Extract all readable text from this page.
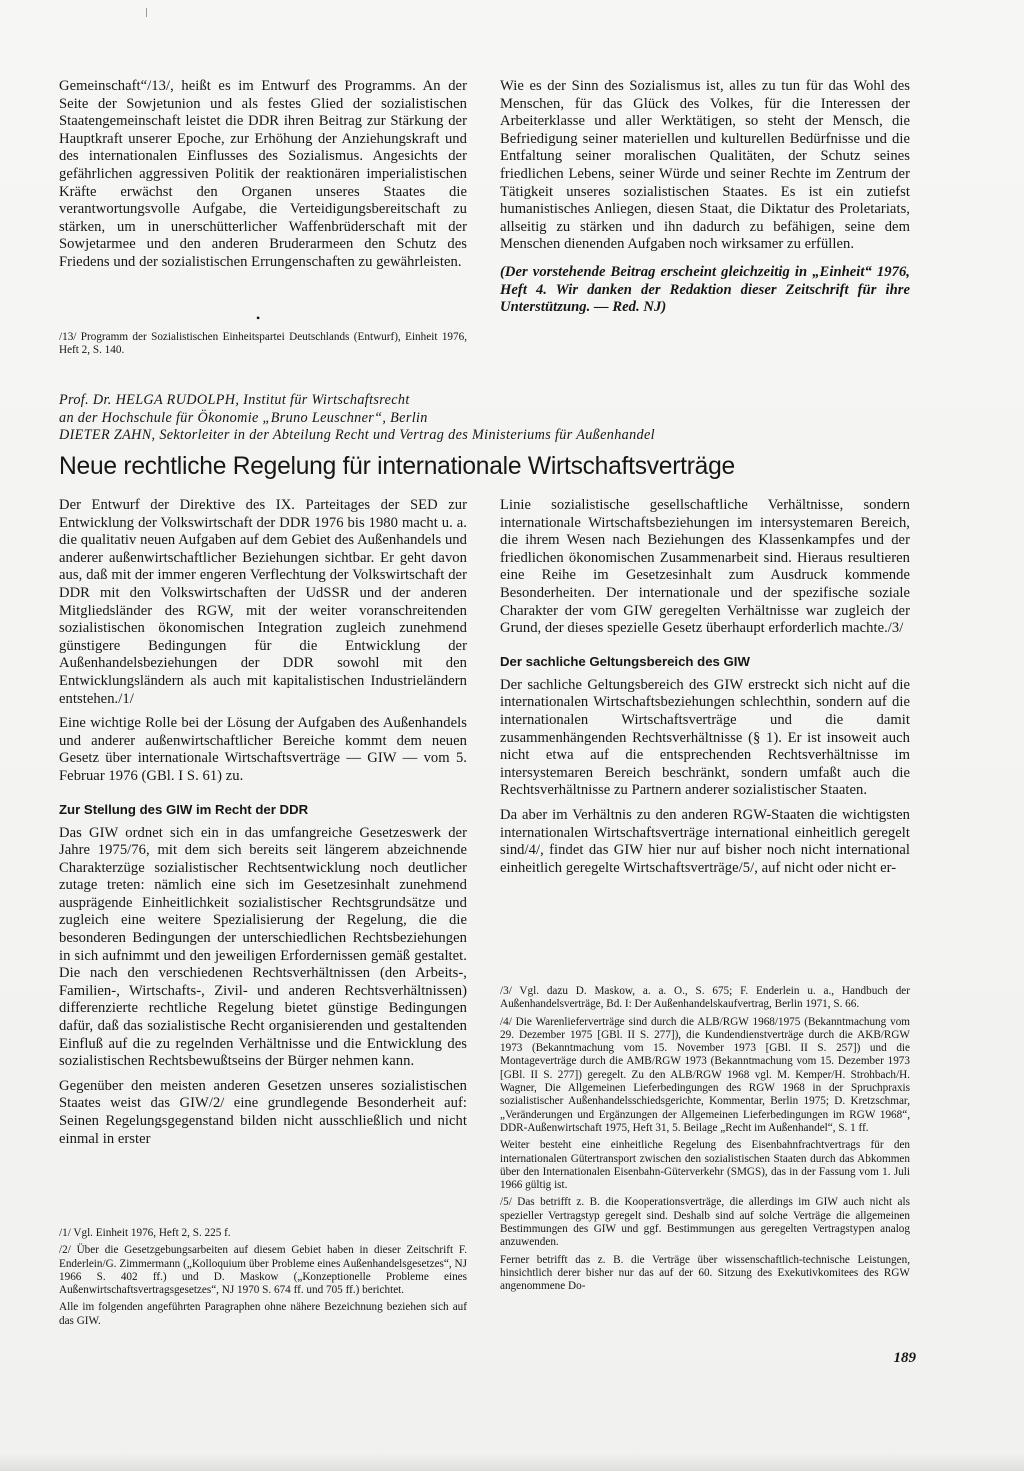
Gemeinschaft“/13/, heißt es im Entwurf des Programms. An der Seite der Sowjetunion und als festes Glied der sozialistischen Staatengemeinschaft leistet die DDR ihren Beitrag zur Stärkung der Hauptkraft unserer Epoche, zur Erhöhung der Anziehungskraft und des internationalen Einflusses des Sozialismus. Angesichts der gefährlichen aggressiven Politik der reaktionären imperialistischen Kräfte erwächst den Organen unseres Staates die verantwortungsvolle Aufgabe, die Verteidigungsbereitschaft zu stärken, um in unerschütterlicher Waffenbrüderschaft mit der Sowjetarmee und den anderen Bruderarmeen den Schutz des Friedens und der sozialistischen Errungenschaften zu gewährleisten.

•

/13/ Programm der Sozialistischen Einheitspartei Deutschlands (Entwurf), Einheit 1976, Heft 2, S. 140.

Wie es der Sinn des Sozialismus ist, alles zu tun für das Wohl des Menschen, für das Glück des Volkes, für die Interessen der Arbeiterklasse und aller Werktätigen, so steht der Mensch, die Befriedigung seiner materiellen und kulturellen Bedürfnisse und die Entfaltung seiner moralischen Qualitäten, der Schutz seines friedlichen Lebens, seiner Würde und seiner Rechte im Zentrum der Tätigkeit unseres sozialistischen Staates. Es ist ein zutiefst humanistisches Anliegen, diesen Staat, die Diktatur des Proletariats, allseitig zu stärken und ihn dadurch zu befähigen, seine dem Menschen dienenden Aufgaben noch wirksamer zu erfüllen.

(Der vorstehende Beitrag erscheint gleichzeitig in „Einheit“ 1976, Heft 4. Wir danken der Redaktion dieser Zeitschrift für ihre Unterstützung. — Red. NJ)

Prof. Dr. HELGA RUDOLPH, Institut für Wirtschaftsrecht
an der Hochschule für Ökonomie „Bruno Leuschner“, Berlin
DIETER ZAHN, Sektorleiter in der Abteilung Recht und Vertrag des Ministeriums für Außenhandel
Neue rechtliche Regelung für internationale Wirtschaftsverträge

Der Entwurf der Direktive des IX. Parteitages der SED zur Entwicklung der Volkswirtschaft der DDR 1976 bis 1980 macht u. a. die qualitativ neuen Aufgaben auf dem Gebiet des Außenhandels und anderer außenwirtschaftlicher Beziehungen sichtbar. Er geht davon aus, daß mit der immer engeren Verflechtung der Volkswirtschaft der DDR mit den Volkswirtschaften der UdSSR und der anderen Mitgliedsländer des RGW, mit der weiter voranschreitenden sozialistischen ökonomischen Integration zugleich zunehmend günstigere Bedingungen für die Entwicklung der Außenhandelsbeziehungen der DDR sowohl mit den Entwicklungsländern als auch mit kapitalistischen Industrieländern entstehen./1/

Eine wichtige Rolle bei der Lösung der Aufgaben des Außenhandels und anderer außenwirtschaftlicher Bereiche kommt dem neuen Gesetz über internationale Wirtschaftsverträge — GIW — vom 5. Februar 1976 (GBl. I S. 61) zu.

Zur Stellung des GIW im Recht der DDR

Das GIW ordnet sich ein in das umfangreiche Gesetzeswerk der Jahre 1975/76, mit dem sich bereits seit längerem abzeichnende Charakterzüge sozialistischer Rechtsentwicklung noch deutlicher zutage treten: nämlich eine sich im Gesetzesinhalt zunehmend ausprägende Einheitlichkeit sozialistischer Rechtsgrundsätze und zugleich eine weitere Spezialisierung der Regelung, die die besonderen Bedingungen der unterschiedlichen Rechtsbeziehungen in sich aufnimmt und den jeweiligen Erfordernissen gemäß gestaltet. Die nach den verschiedenen Rechtsverhältnissen (den Arbeits-, Familien-, Wirtschafts-, Zivil- und anderen Rechtsverhältnissen) differenzierte rechtliche Regelung bietet günstige Bedingungen dafür, daß das sozialistische Recht organisierenden und gestaltenden Einfluß auf die zu regelnden Verhältnisse und die Entwicklung des sozialistischen Rechtsbewußtseins der Bürger nehmen kann.

Gegenüber den meisten anderen Gesetzen unseres sozialistischen Staates weist das GIW/2/ eine grundlegende Besonderheit auf: Seinen Regelungsgegenstand bilden nicht ausschließlich und nicht einmal in erster

/1/ Vgl. Einheit 1976, Heft 2, S. 225 f.

/2/ Über die Gesetzgebungsarbeiten auf diesem Gebiet haben in dieser Zeitschrift F. Enderlein/G. Zimmermann („Kolloquium über Probleme eines Außenhandelsgesetzes“, NJ 1966 S. 402 ff.) und D. Maskow („Konzeptionelle Probleme eines Außenwirtschaftsvertragsgesetzes“, NJ 1970 S. 674 ff. und 705 ff.) berichtet.

Alle im folgenden angeführten Paragraphen ohne nähere Bezeichnung beziehen sich auf das GIW.

Linie sozialistische gesellschaftliche Verhältnisse, sondern internationale Wirtschaftsbeziehungen im intersystemaren Bereich, die ihrem Wesen nach Beziehungen des Klassenkampfes und der friedlichen ökonomischen Zusammenarbeit sind. Hieraus resultieren eine Reihe im Gesetzesinhalt zum Ausdruck kommende Besonderheiten. Der internationale und der spezifische soziale Charakter der vom GIW geregelten Verhältnisse war zugleich der Grund, der dieses spezielle Gesetz überhaupt erforderlich machte./3/

Der sachliche Geltungsbereich des GIW

Der sachliche Geltungsbereich des GIW erstreckt sich nicht auf die internationalen Wirtschaftsbeziehungen schlechthin, sondern auf die internationalen Wirtschaftsverträge und die damit zusammenhängenden Rechtsverhältnisse (§ 1). Er ist insoweit auch nicht etwa auf die entsprechenden Rechtsverhältnisse im intersystemaren Bereich beschränkt, sondern umfaßt auch die Rechtsverhältnisse zu Partnern anderer sozialistischer Staaten.

Da aber im Verhältnis zu den anderen RGW-Staaten die wichtigsten internationalen Wirtschaftsverträge international einheitlich geregelt sind/4/, findet das GIW hier nur auf bisher noch nicht international einheitlich geregelte Wirtschaftsverträge/5/, auf nicht oder nicht er-

/3/ Vgl. dazu D. Maskow, a. a. O., S. 675; F. Enderlein u. a., Handbuch der Außenhandelsverträge, Bd. I: Der Außenhandelskaufvertrag, Berlin 1971, S. 66.

/4/ Die Warenlieferverträge sind durch die ALB/RGW 1968/1975 (Bekanntmachung vom 29. Dezember 1975 [GBl. II S. 277]), die Kundendienstverträge durch die AKB/RGW 1973 (Bekanntmachung vom 15. November 1973 [GBl. II S. 257]) und die Montageverträge durch die AMB/RGW 1973 (Bekanntmachung vom 15. Dezember 1973 [GBl. II S. 277]) geregelt. Zu den ALB/RGW 1968 vgl. M. Kemper/H. Strohbach/H. Wagner, Die Allgemeinen Lieferbedingungen des RGW 1968 in der Spruchpraxis sozialistischer Außenhandelsschiedsgerichte, Kommentar, Berlin 1975; D. Kretzschmar, „Veränderungen und Ergänzungen der Allgemeinen Lieferbedingungen im RGW 1968“, DDR-Außenwirtschaft 1975, Heft 31, 5. Beilage „Recht im Außenhandel“, S. 1 ff.

Weiter besteht eine einheitliche Regelung des Eisenbahnfrachtvertrags für den internationalen Gütertransport zwischen den sozialistischen Staaten durch das Abkommen über den Internationalen Eisenbahn-Güterverkehr (SMGS), das in der Fassung vom 1. Juli 1966 gültig ist.

/5/ Das betrifft z. B. die Kooperationsverträge, die allerdings im GIW auch nicht als spezieller Vertragstyp geregelt sind. Deshalb sind auf solche Verträge die allgemeinen Bestimmungen des GIW und ggf. Bestimmungen aus geregelten Vertragstypen analog anzuwenden.

Ferner betrifft das z. B. die Verträge über wissenschaftlich-technische Leistungen, hinsichtlich derer bisher nur das auf der 60. Sitzung des Exekutivkomitees des RGW angenommene Do-

189
